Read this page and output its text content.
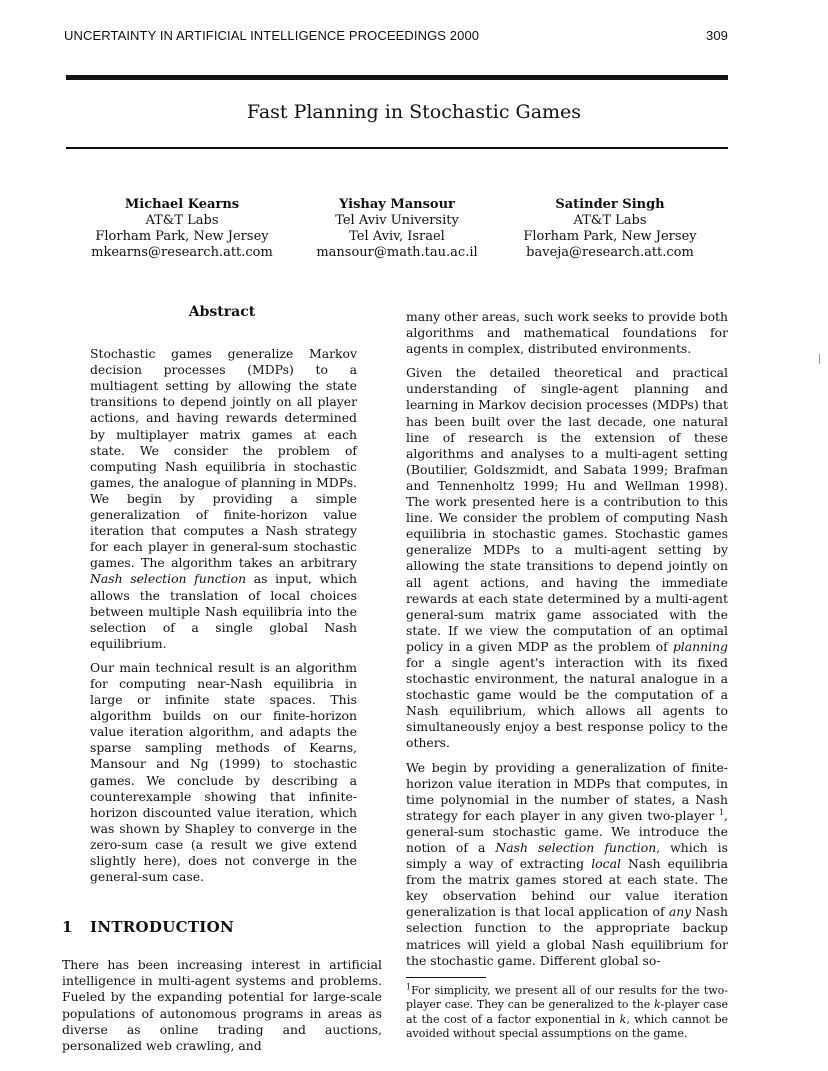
UNCERTAINTY IN ARTIFICIAL INTELLIGENCE PROCEEDINGS 2000	309
Fast Planning in Stochastic Games
Michael Kearns
AT&T Labs
Florham Park, New Jersey
mkearns@research.att.com
Yishay Mansour
Tel Aviv University
Tel Aviv, Israel
mansour@math.tau.ac.il
Satinder Singh
AT&T Labs
Florham Park, New Jersey
baveja@research.att.com
Abstract

Stochastic games generalize Markov decision processes (MDPs) to a multiagent setting by allowing the state transitions to depend jointly on all player actions, and having rewards determined by multiplayer matrix games at each state. We consider the problem of computing Nash equilibria in stochastic games, the analogue of planning in MDPs. We begin by providing a simple generalization of finite-horizon value iteration that computes a Nash strategy for each player in general-sum stochastic games. The algorithm takes an arbitrary Nash selection function as input, which allows the translation of local choices between multiple Nash equilibria into the selection of a single global Nash equilibrium.

Our main technical result is an algorithm for computing near-Nash equilibria in large or infinite state spaces. This algorithm builds on our finite-horizon value iteration algorithm, and adapts the sparse sampling methods of Kearns, Mansour and Ng (1999) to stochastic games. We conclude by describing a counterexample showing that infinite-horizon discounted value iteration, which was shown by Shapley to converge in the zero-sum case (a result we give extend slightly here), does not converge in the general-sum case.

1 INTRODUCTION

There has been increasing interest in artificial intelligence in multi-agent systems and problems. Fueled by the expanding potential for large-scale populations of autonomous programs in areas as diverse as online trading and auctions, personalized web crawling, and

many other areas, such work seeks to provide both algorithms and mathematical foundations for agents in complex, distributed environments.

Given the detailed theoretical and practical understanding of single-agent planning and learning in Markov decision processes (MDPs) that has been built over the last decade, one natural line of research is the extension of these algorithms and analyses to a multi-agent setting (Boutilier, Goldszmidt, and Sabata 1999; Brafman and Tennenholtz 1999; Hu and Wellman 1998). The work presented here is a contribution to this line. We consider the problem of computing Nash equilibria in stochastic games. Stochastic games generalize MDPs to a multi-agent setting by allowing the state transitions to depend jointly on all agent actions, and having the immediate rewards at each state determined by a multi-agent general-sum matrix game associated with the state. If we view the computation of an optimal policy in a given MDP as the problem of planning for a single agent's interaction with its fixed stochastic environment, the natural analogue in a stochastic game would be the computation of a Nash equilibrium, which allows all agents to simultaneously enjoy a best response policy to the others.

We begin by providing a generalization of finite-horizon value iteration in MDPs that computes, in time polynomial in the number of states, a Nash strategy for each player in any given two-player $^1$, general-sum stochastic game. We introduce the notion of a Nash selection function, which is simply a way of extracting local Nash equilibria from the matrix games stored at each state. The key observation behind our value iteration generalization is that local application of any Nash selection function to the appropriate backup matrices will yield a global Nash equilibrium for the stochastic game. Different global so-

$^1$For simplicity, we present all of our results for the two-player case. They can be generalized to the k-player case at the cost of a factor exponential in k, which cannot be avoided without special assumptions on the game.
